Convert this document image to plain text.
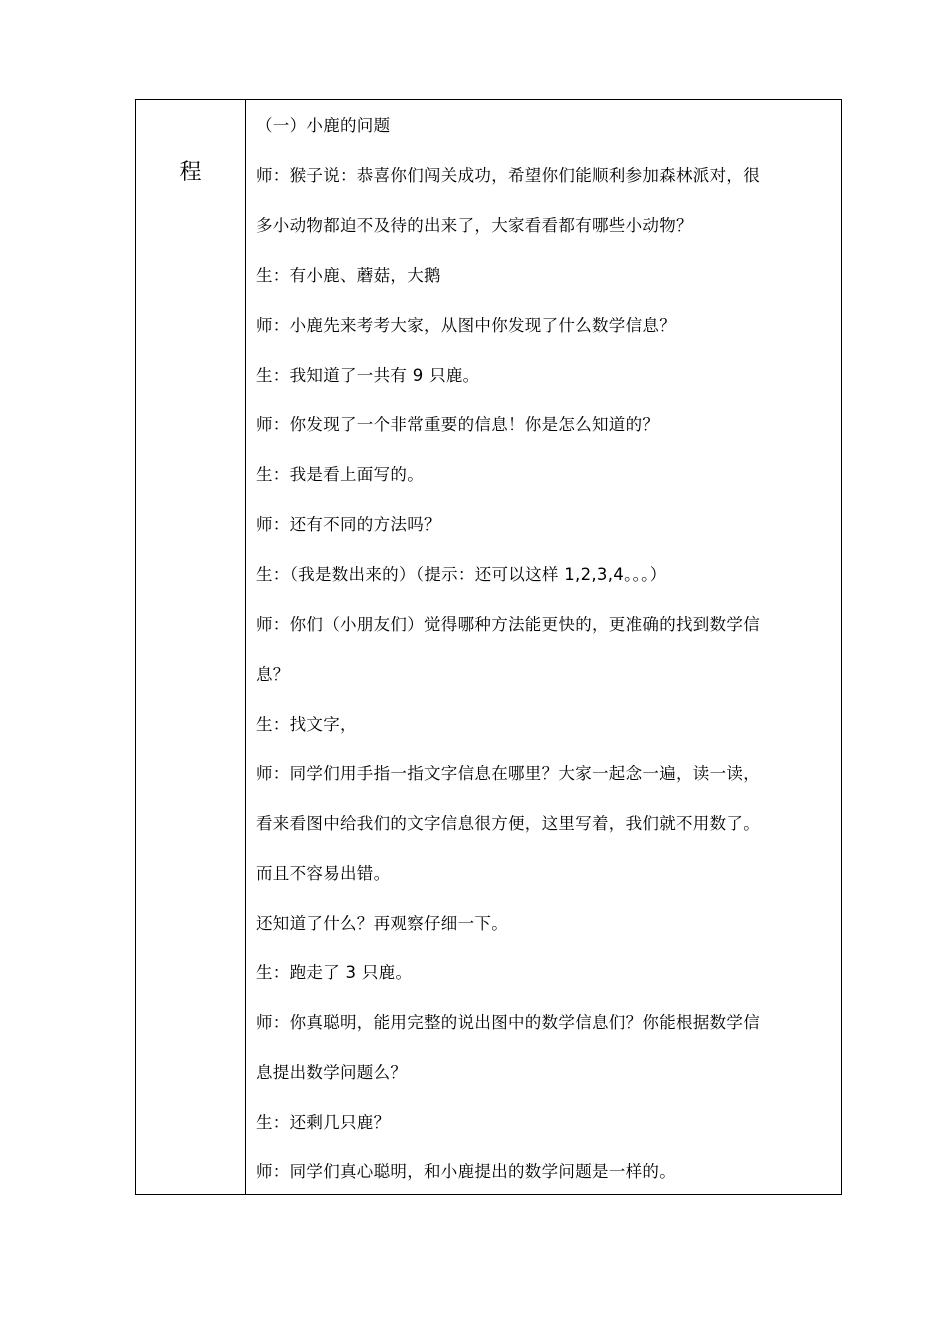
程
（一）小鹿的问题
师：猴子说：恭喜你们闯关成功，希望你们能顺利参加森林派对，很
多小动物都迫不及待的出来了，大家看看都有哪些小动物？
生：有小鹿、蘑菇，大鹅
师：小鹿先来考考大家，从图中你发现了什么数学信息？
生：我知道了一共有 9 只鹿。
师：你发现了一个非常重要的信息！你是怎么知道的？
生：我是看上面写的。
师：还有不同的方法吗？
生：（我是数出来的）（提示：还可以这样 1,2,3,4。。。）
师：你们（小朋友们）觉得哪种方法能更快的，更准确的找到数学信
息？
生：找文字，
师：同学们用手指一指文字信息在哪里？大家一起念一遍，读一读，
看来看图中给我们的文字信息很方便，这里写着，我们就不用数了。
而且不容易出错。
还知道了什么？再观察仔细一下。
生：跑走了 3 只鹿。
师：你真聪明，能用完整的说出图中的数学信息们？你能根据数学信
息提出数学问题么？
生：还剩几只鹿？
师：同学们真心聪明，和小鹿提出的数学问题是一样的。
